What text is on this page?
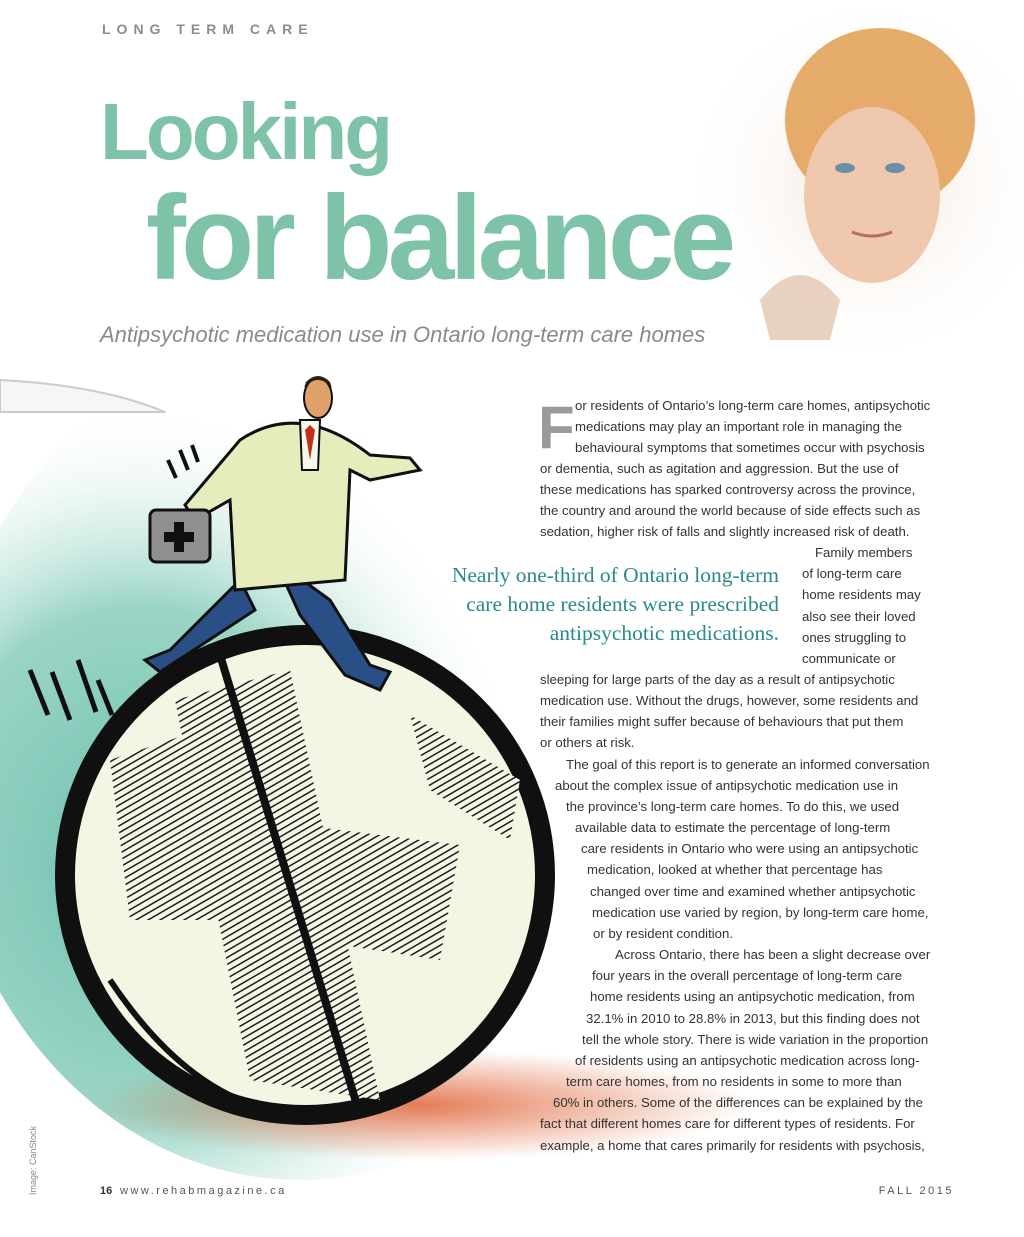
LONG TERM CARE
Looking
for balance
Antipsychotic medication use in Ontario long-term care homes
F or residents of Ontario’s long-term care homes, antipsychotic
medications may play an important role in managing the
behavioural symptoms that sometimes occur with psychosis
or dementia, such as agitation and aggression. But the use of
these medications has sparked controversy across the province,
the country and around the world because of side effects such as
sedation, higher risk of falls and slightly increased risk of death.
Family members
of long-term care
home residents may
also see their loved
ones struggling to
communicate or
sleeping for large parts of the day as a result of antipsychotic
medication use. Without the drugs, however, some residents and
their families might suffer because of behaviours that put them
or others at risk.
The goal of this report is to generate an informed conversation
about the complex issue of antipsychotic medication use in
the province’s long-term care homes. To do this, we used
available data to estimate the percentage of long-term
care residents in Ontario who were using an antipsychotic
medication, looked at whether that percentage has
changed over time and examined whether antipsychotic
medication use varied by region, by long-term care home,
or by resident condition.
Across Ontario, there has been a slight decrease over
four years in the overall percentage of long-term care
home residents using an antipsychotic medication, from
32.1% in 2010 to 28.8% in 2013, but this finding does not
tell the whole story. There is wide variation in the proportion
of residents using an antipsychotic medication across long-
term care homes, from no residents in some to more than
60% in others. Some of the differences can be explained by the
fact that different homes care for different types of residents. For
example, a home that cares primarily for residents with psychosis,
Nearly one-third of Ontario long-term
care home residents were prescribed
antipsychotic medications.
16 www.rehabmagazine.ca	FALL 2015
Image: CanStock
